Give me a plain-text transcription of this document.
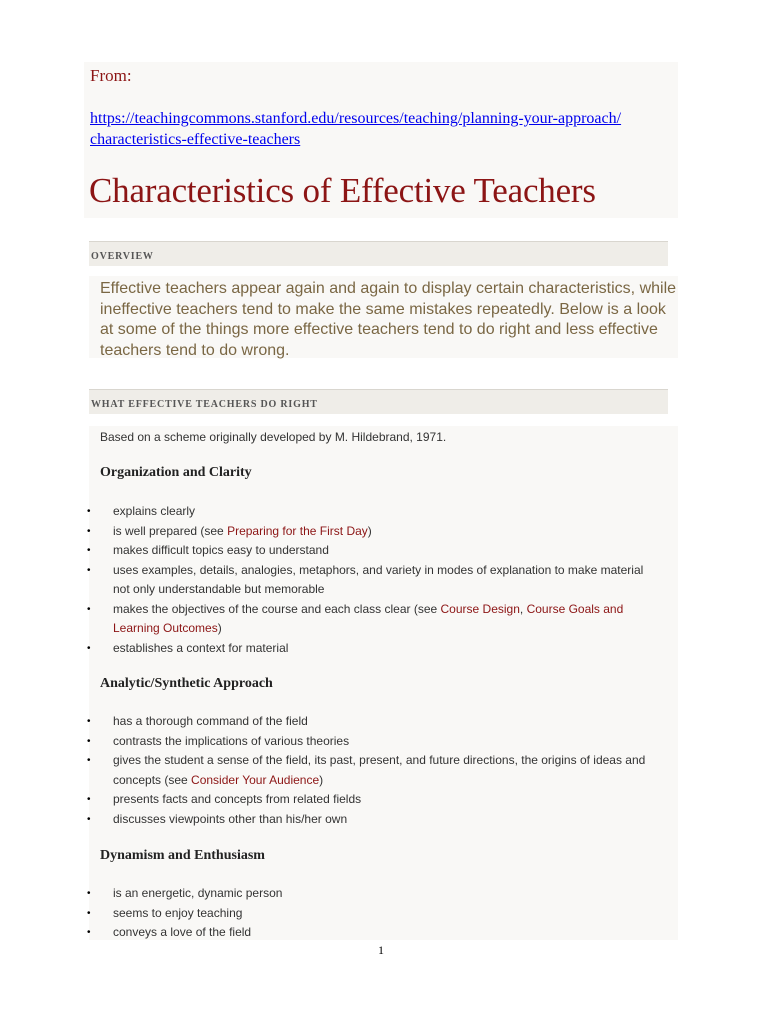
From:
https://teachingcommons.stanford.edu/resources/teaching/planning-your-approach/
characteristics-effective-teachers
Characteristics of Effective Teachers
OVERVIEW

Effective teachers appear again and again to display certain characteristics, while ineffective teachers tend to make the same mistakes repeatedly. Below is a look at some of the things more effective teachers tend to do right and less effective teachers tend to do wrong.

WHAT EFFECTIVE TEACHERS DO RIGHT

Based on a scheme originally developed by M. Hildebrand, 1971.

Organization and Clarity
• explains clearly
• is well prepared (see Preparing for the First Day)
• makes difficult topics easy to understand
• uses examples, details, analogies, metaphors, and variety in modes of explanation to make material not only understandable but memorable
• makes the objectives of the course and each class clear (see Course Design, Course Goals and Learning Outcomes)
• establishes a context for material
Analytic/Synthetic Approach
• has a thorough command of the field
• contrasts the implications of various theories
• gives the student a sense of the field, its past, present, and future directions, the origins of ideas and concepts (see Consider Your Audience)
• presents facts and concepts from related fields
• discusses viewpoints other than his/her own
Dynamism and Enthusiasm
• is an energetic, dynamic person
• seems to enjoy teaching
• conveys a love of the field
1
